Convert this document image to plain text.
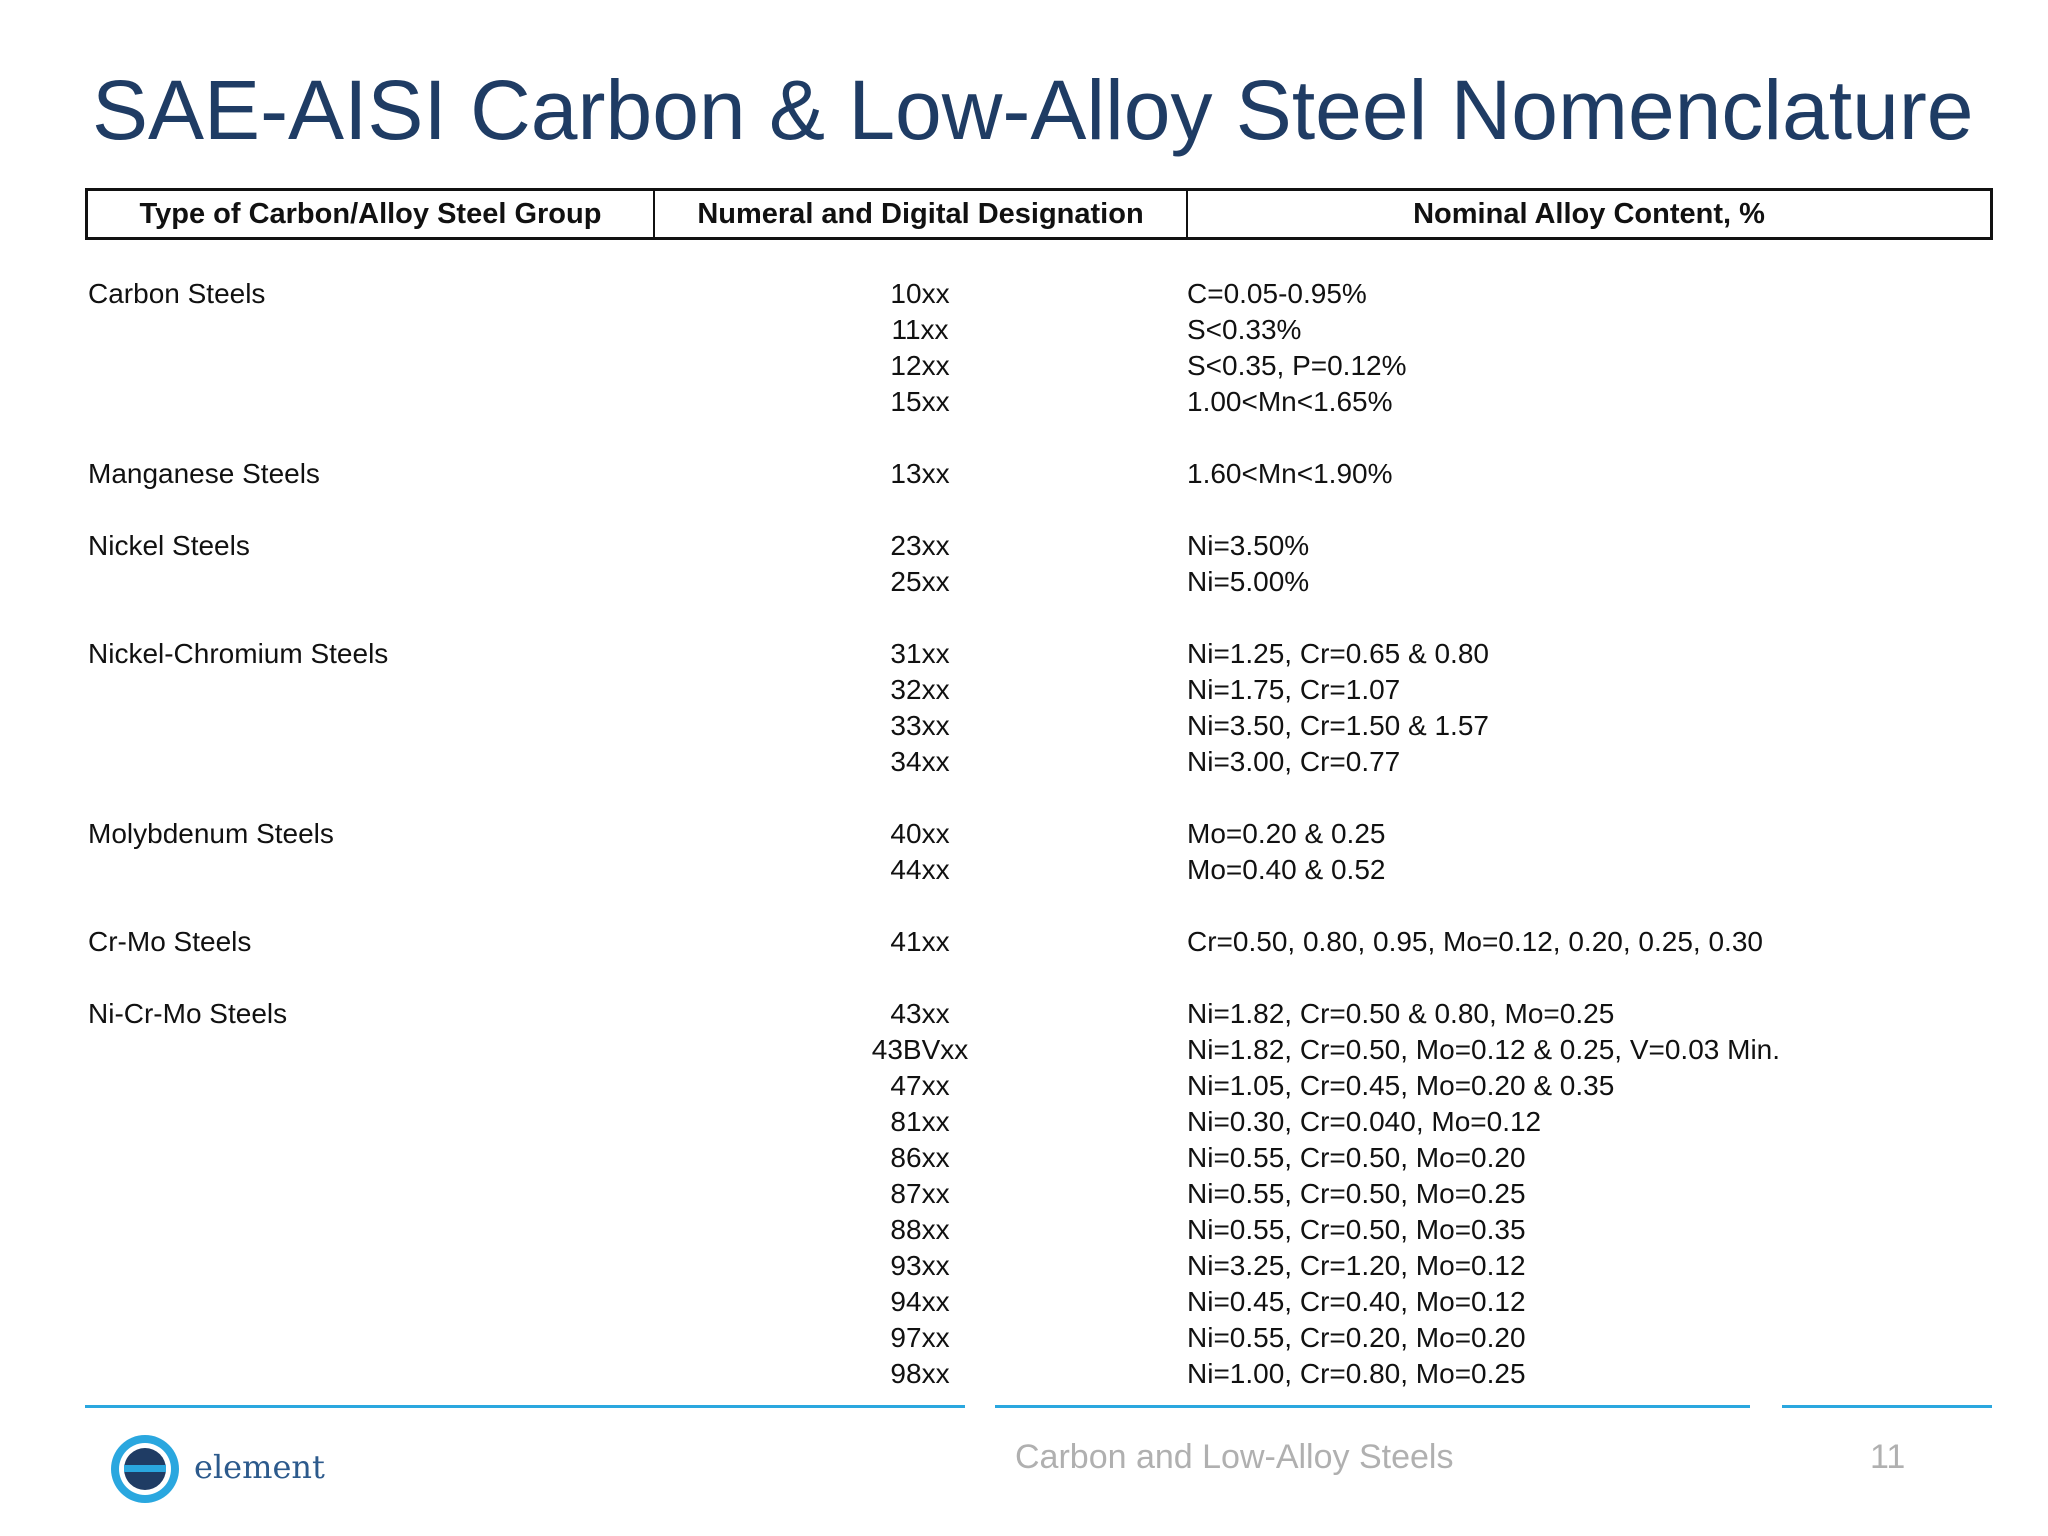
SAE-AISI Carbon & Low-Alloy Steel Nomenclature
Type of Carbon/Alloy Steel Group	Numeral and Digital Designation	Nominal Alloy Content, %
Carbon Steels	10xx	C=0.05-0.95%
11xx	S<0.33%
12xx	S<0.35, P=0.12%
15xx	1.00<Mn<1.65%
Manganese Steels	13xx	1.60<Mn<1.90%
Nickel Steels	23xx	Ni=3.50%
25xx	Ni=5.00%
Nickel-Chromium Steels	31xx	Ni=1.25, Cr=0.65 & 0.80
32xx	Ni=1.75, Cr=1.07
33xx	Ni=3.50, Cr=1.50 & 1.57
34xx	Ni=3.00, Cr=0.77
Molybdenum Steels	40xx	Mo=0.20 & 0.25
44xx	Mo=0.40 & 0.52
Cr-Mo Steels	41xx	Cr=0.50, 0.80, 0.95, Mo=0.12, 0.20, 0.25, 0.30
Ni-Cr-Mo Steels	43xx	Ni=1.82, Cr=0.50 & 0.80, Mo=0.25
43BVxx	Ni=1.82, Cr=0.50, Mo=0.12 & 0.25, V=0.03 Min.
47xx	Ni=1.05, Cr=0.45, Mo=0.20 & 0.35
81xx	Ni=0.30, Cr=0.040, Mo=0.12
86xx	Ni=0.55, Cr=0.50, Mo=0.20
87xx	Ni=0.55, Cr=0.50, Mo=0.25
88xx	Ni=0.55, Cr=0.50, Mo=0.35
93xx	Ni=3.25, Cr=1.20, Mo=0.12
94xx	Ni=0.45, Cr=0.40, Mo=0.12
97xx	Ni=0.55, Cr=0.20, Mo=0.20
98xx	Ni=1.00, Cr=0.80, Mo=0.25
element	Carbon and Low-Alloy Steels	11
